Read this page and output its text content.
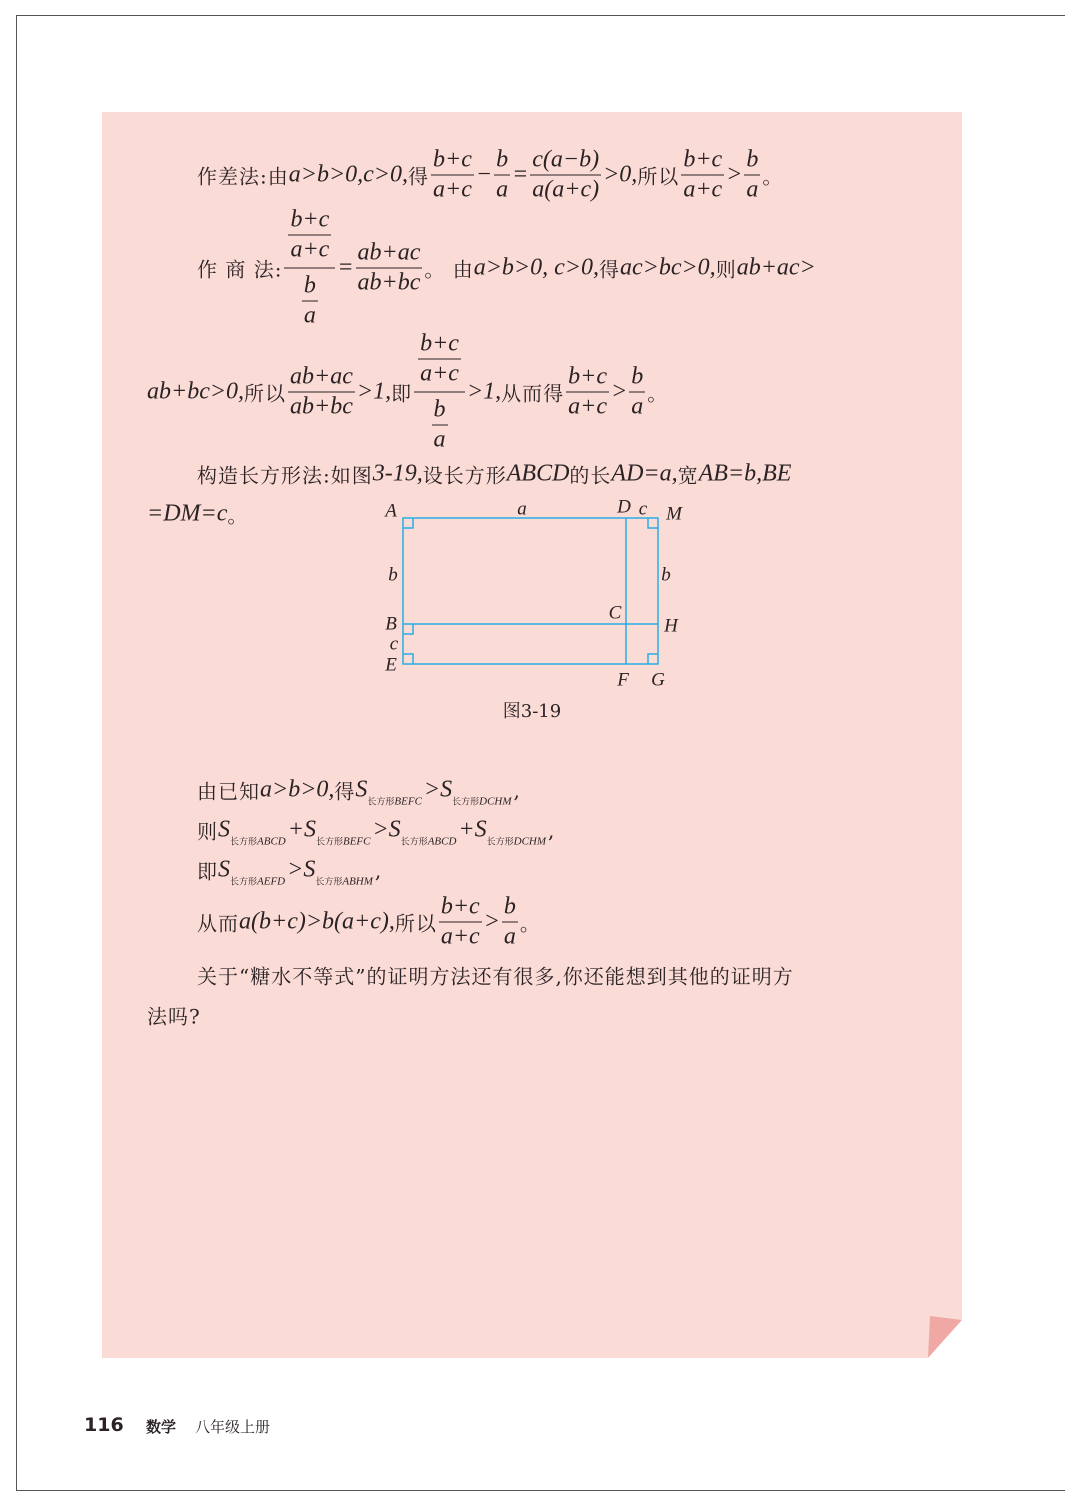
作差法:由 a>b>0,c>0, 得 $\frac{b+c}{a+c} - \frac{b}{a} = \frac{c(a-b)}{a(a+c)} >0$, 所以 $\frac{b+c}{a+c} > \frac{b}{a}$ 。
作 商 法: $\frac{\frac{b+c}{a+c}}{\frac{b}{a}} = \frac{ab+ac}{ab+bc}$ 。 由 a>b>0, c>0, 得 ac>bc>0, 则 ab+ac>
ab+bc>0, 所以 $\frac{ab+ac}{ab+bc} >1$, 即 $\frac{\frac{b+c}{a+c}}{\frac{b}{a}} >1$, 从而得 $\frac{b+c}{a+c} > \frac{b}{a}$ 。
构造长方形法:如图 3-19, 设长方形 ABCD 的长 AD=a, 宽 AB=b,BE
=DM=c 。	A	a	D c M
b	b
B
C
H
c
E
F G
图3-19
由已知 a>b>0, 得 $S_{长方形BEFC} > S_{长方形DCHM}$ ,
则 $S_{长方形ABCD} + S_{长方形BEFC} > S_{长方形ABCD} + S_{长方形DCHM}$ ,
即 $S_{长方形AEFD} > S_{长方形ABHM}$ ,
从而 a(b+c)>b(a+c), 所以 $\frac{b+c}{a+c} > \frac{b}{a}$ 。
关于“糖水不等式”的证明方法还有很多,你还能想到其他的证明方
法吗?
116 数学 八年级上册
